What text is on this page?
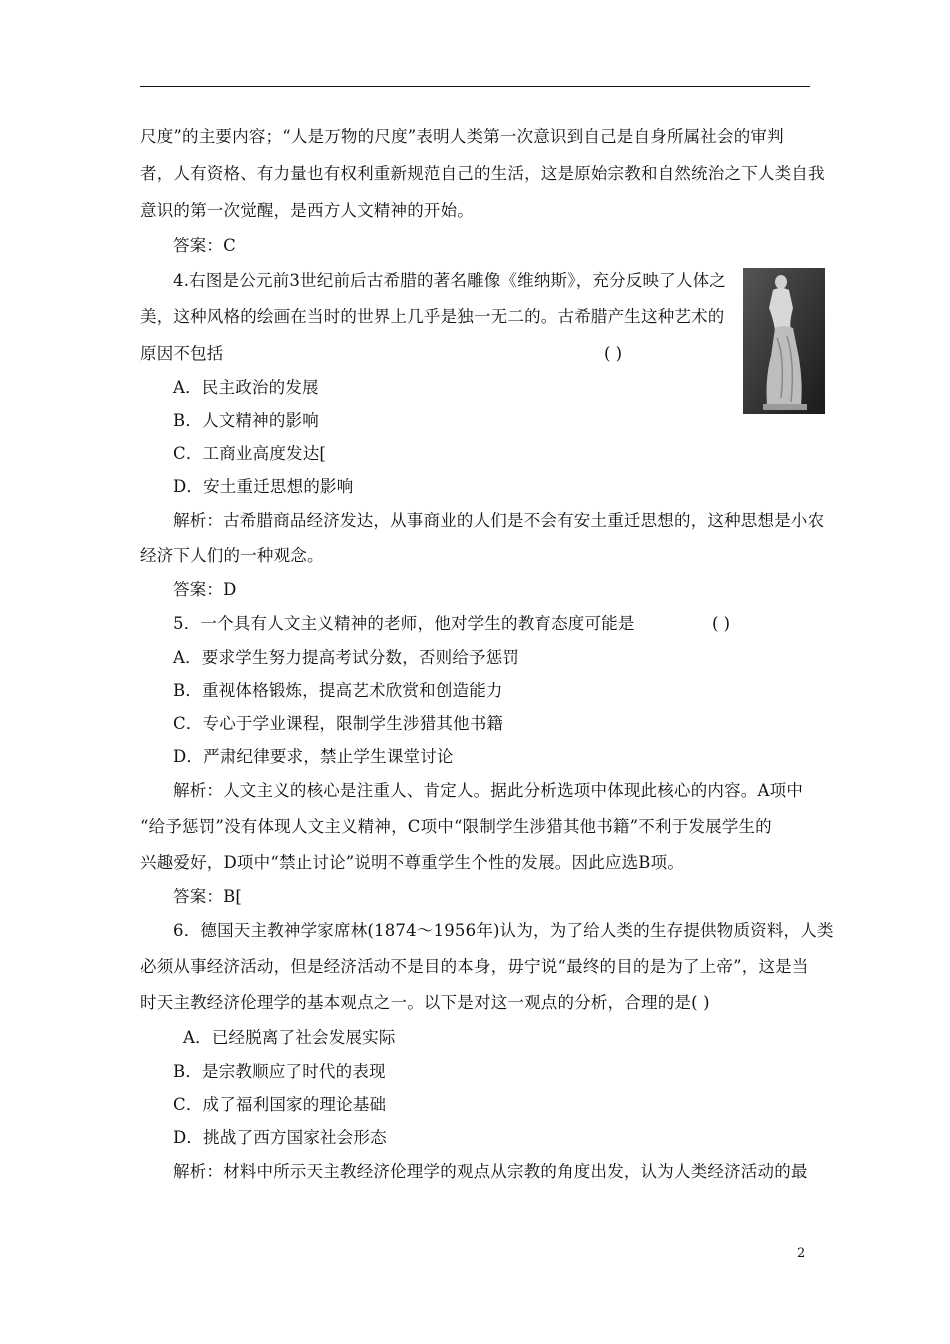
尺度”的主要内容；“人是万物的尺度”表明人类第一次意识到自己是自身所属社会的审判
者，人有资格、有力量也有权利重新规范自己的生活，这是原始宗教和自然统治之下人类自我
意识的第一次觉醒，是西方人文精神的开始。
答案：C
4.右图是公元前3世纪前后古希腊的著名雕像《维纳斯》，充分反映了人体之
美，这种风格的绘画在当时的世界上几乎是独一无二的。古希腊产生这种艺术的
原因不包括	( )
A．民主政治的发展
B．人文精神的影响
C．工商业高度发达[
D．安土重迁思想的影响
解析：古希腊商品经济发达，从事商业的人们是不会有安土重迁思想的，这种思想是小农
经济下人们的一种观念。
答案：D
5．一个具有人文主义精神的老师，他对学生的教育态度可能是	( )
A．要求学生努力提高考试分数，否则给予惩罚
B．重视体格锻炼，提高艺术欣赏和创造能力
C．专心于学业课程，限制学生涉猎其他书籍
D．严肃纪律要求，禁止学生课堂讨论
解析：人文主义的核心是注重人、肯定人。据此分析选项中体现此核心的内容。A项中
“给予惩罚”没有体现人文主义精神，C项中“限制学生涉猎其他书籍”不利于发展学生的
兴趣爱好，D项中“禁止讨论”说明不尊重学生个性的发展。因此应选B项。
答案：B[
6．德国天主教神学家席林(1874～1956年)认为，为了给人类的生存提供物质资料，人类
必须从事经济活动，但是经济活动不是目的本身，毋宁说“最终的目的是为了上帝”，这是当
时天主教经济伦理学的基本观点之一。以下是对这一观点的分析，合理的是( )
A．已经脱离了社会发展实际
B．是宗教顺应了时代的表现
C．成了福利国家的理论基础
D．挑战了西方国家社会形态
解析：材料中所示天主教经济伦理学的观点从宗教的角度出发，认为人类经济活动的最
2
